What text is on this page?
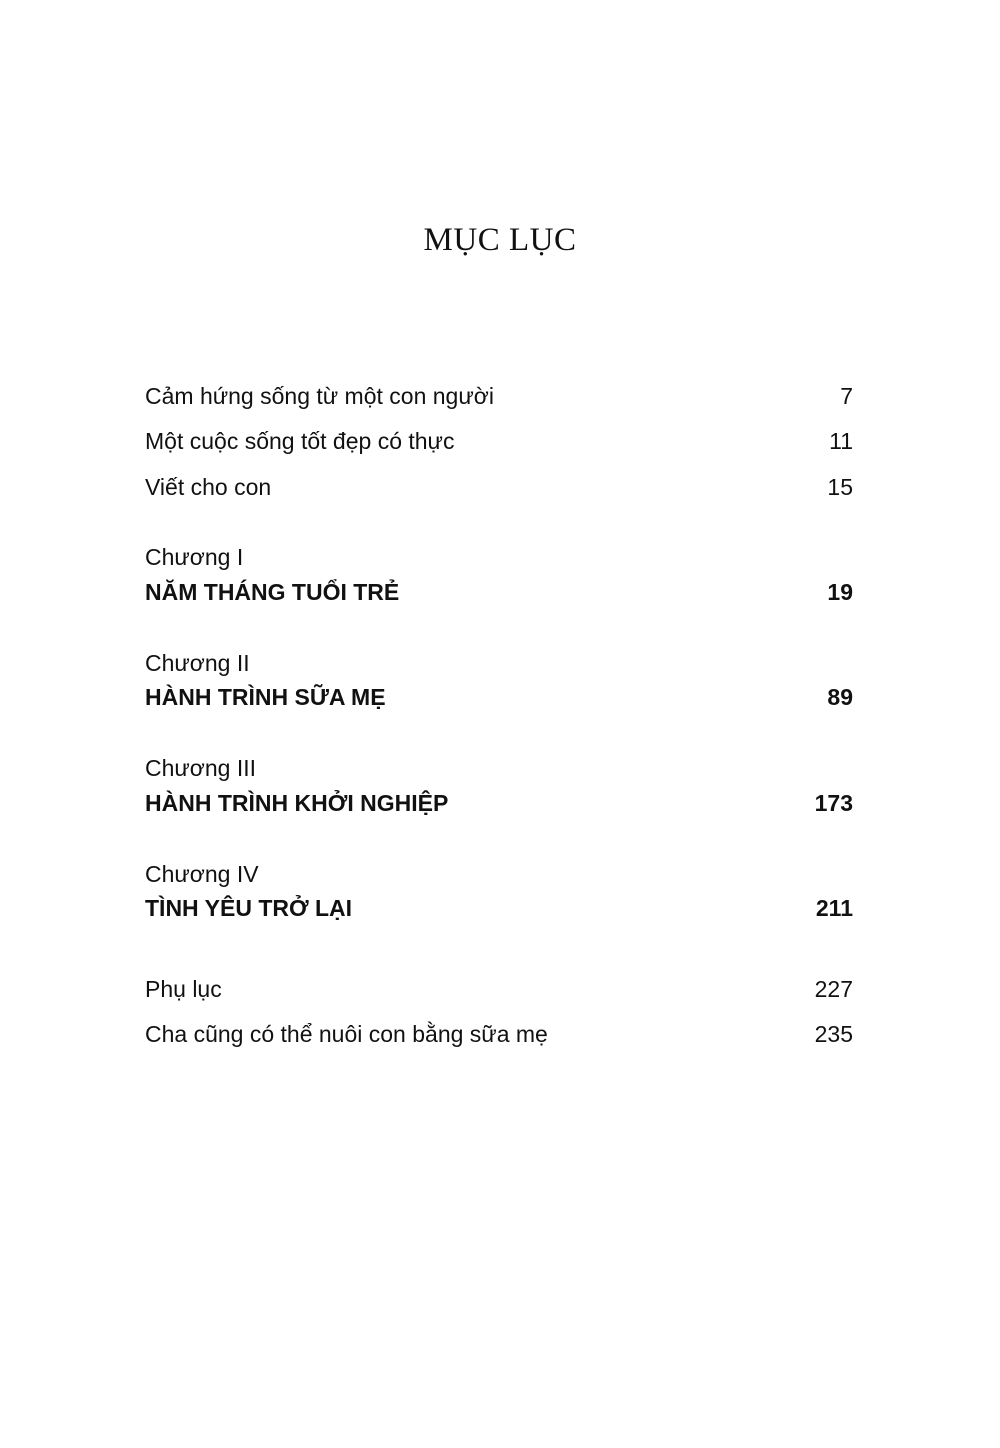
MỤC LỤC
Cảm hứng sống từ một con người	7
Một cuộc sống tốt đẹp có thực	11
Viết cho con	15
Chương I
NĂM THÁNG TUỔI TRẺ	19
Chương II
HÀNH TRÌNH SỮA MẸ	89
Chương III
HÀNH TRÌNH KHỞI NGHIỆP	173
Chương IV
TÌNH YÊU TRỞ LẠI	211
Phụ lục	227
Cha cũng có thể nuôi con bằng sữa mẹ	235
